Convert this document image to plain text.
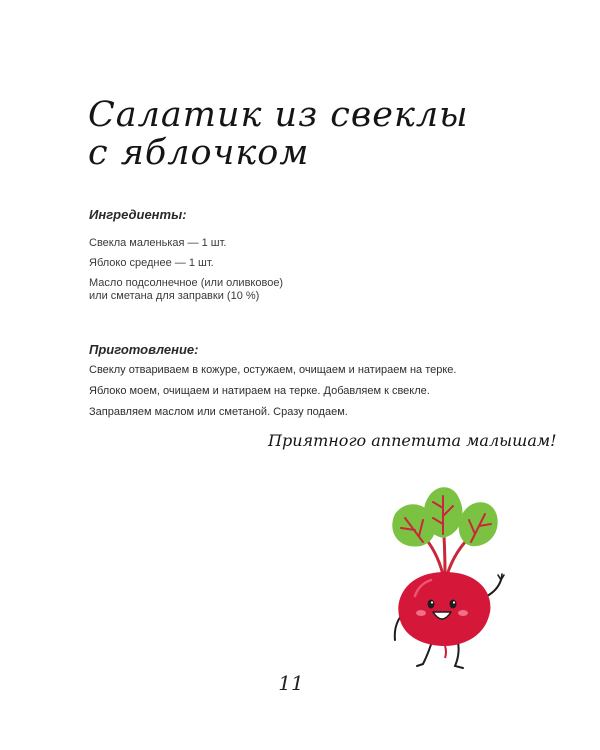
Салатик из свеклы
с яблочком
Ингредиенты:
Свекла маленькая — 1 шт.
Яблоко среднее — 1 шт.
Масло подсолнечное (или оливковое)
или сметана для заправки (10 %)
Приготовление:
Свеклу отвариваем в кожуре, остужаем, очищаем и натираем на терке.
Яблоко моем, очищаем и натираем на терке. Добавляем к свекле.
Заправляем маслом или сметаной. Сразу подаем.
Приятного аппетита малышам!
11
